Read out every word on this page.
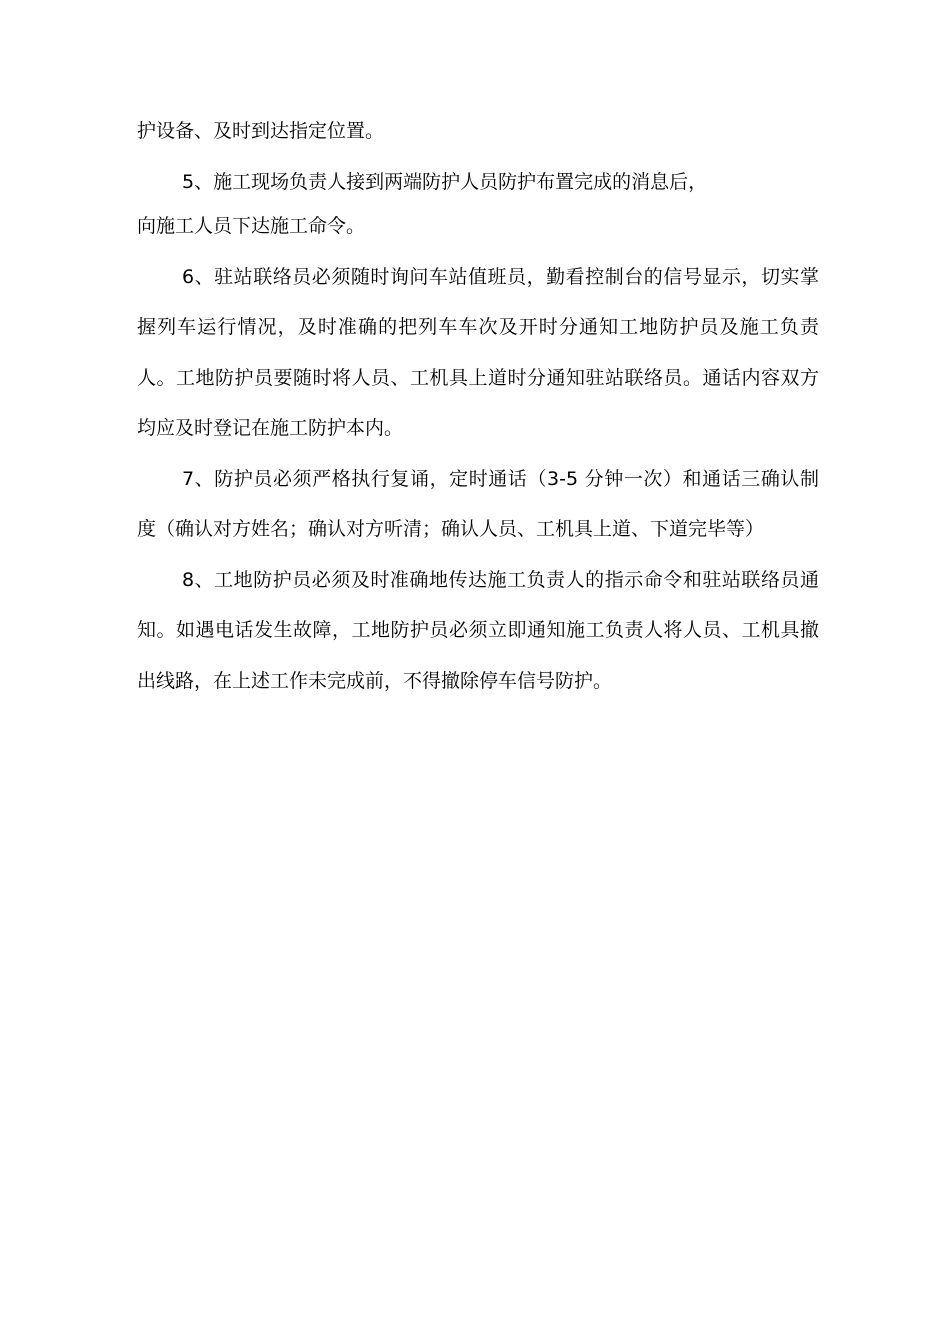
护设备、及时到达指定位置。

5、施工现场负责人接到两端防护人员防护布置完成的消息后，
向施工人员下达施工命令。

6、驻站联络员必须随时询问车站值班员，勤看控制台的信号显示，切实掌握列车运行情况，及时准确的把列车车次及开时分通知工地防护员及施工负责人。工地防护员要随时将人员、工机具上道时分通知驻站联络员。通话内容双方均应及时登记在施工防护本内。

7、防护员必须严格执行复诵，定时通话（3-5 分钟一次）和通话三确认制度（确认对方姓名；确认对方听清；确认人员、工机具上道、下道完毕等）

8、工地防护员必须及时准确地传达施工负责人的指示命令和驻站联络员通知。如遇电话发生故障，工地防护员必须立即通知施工负责人将人员、工机具撤出线路，在上述工作未完成前，不得撤除停车信号防护。
